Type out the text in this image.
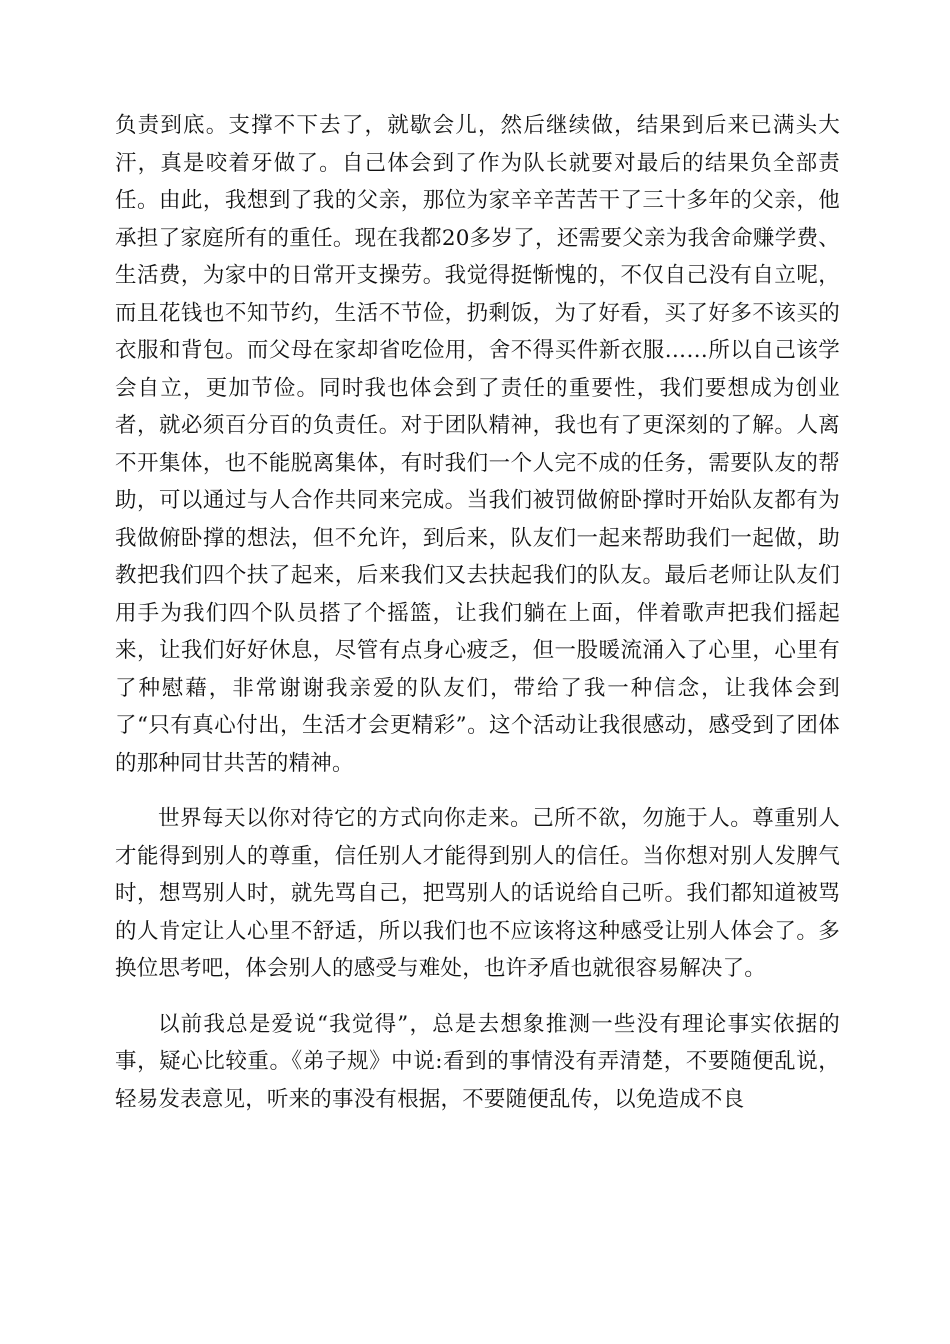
负责到底。支撑不下去了，就歇会儿，然后继续做，结果到后来已满头大汗，真是咬着牙做了。自己体会到了作为队长就要对最后的结果负全部责任。由此，我想到了我的父亲，那位为家辛辛苦苦干了三十多年的父亲，他承担了家庭所有的重任。现在我都20多岁了，还需要父亲为我舍命赚学费、生活费，为家中的日常开支操劳。我觉得挺惭愧的，不仅自己没有自立呢，而且花钱也不知节约，生活不节俭，扔剩饭，为了好看，买了好多不该买的衣服和背包。而父母在家却省吃俭用，舍不得买件新衣服……所以自己该学会自立，更加节俭。同时我也体会到了责任的重要性，我们要想成为创业者，就必须百分百的负责任。对于团队精神，我也有了更深刻的了解。人离不开集体，也不能脱离集体，有时我们一个人完不成的任务，需要队友的帮助，可以通过与人合作共同来完成。当我们被罚做俯卧撑时开始队友都有为我做俯卧撑的想法，但不允许，到后来，队友们一起来帮助我们一起做，助教把我们四个扶了起来，后来我们又去扶起我们的队友。最后老师让队友们用手为我们四个队员搭了个摇篮，让我们躺在上面，伴着歌声把我们摇起来，让我们好好休息，尽管有点身心疲乏，但一股暖流涌入了心里，心里有了种慰藉，非常谢谢我亲爱的队友们，带给了我一种信念，让我体会到了“只有真心付出，生活才会更精彩”。这个活动让我很感动，感受到了团体的那种同甘共苦的精神。

世界每天以你对待它的方式向你走来。己所不欲，勿施于人。尊重别人才能得到别人的尊重，信任别人才能得到别人的信任。当你想对别人发脾气时，想骂别人时，就先骂自己，把骂别人的话说给自己听。我们都知道被骂的人肯定让人心里不舒适，所以我们也不应该将这种感受让别人体会了。多换位思考吧，体会别人的感受与难处，也许矛盾也就很容易解决了。

以前我总是爱说“我觉得”，总是去想象推测一些没有理论事实依据的事，疑心比较重。《弟子规》中说:看到的事情没有弄清楚，不要随便乱说，轻易发表意见，听来的事没有根据，不要随便乱传，以免造成不良
